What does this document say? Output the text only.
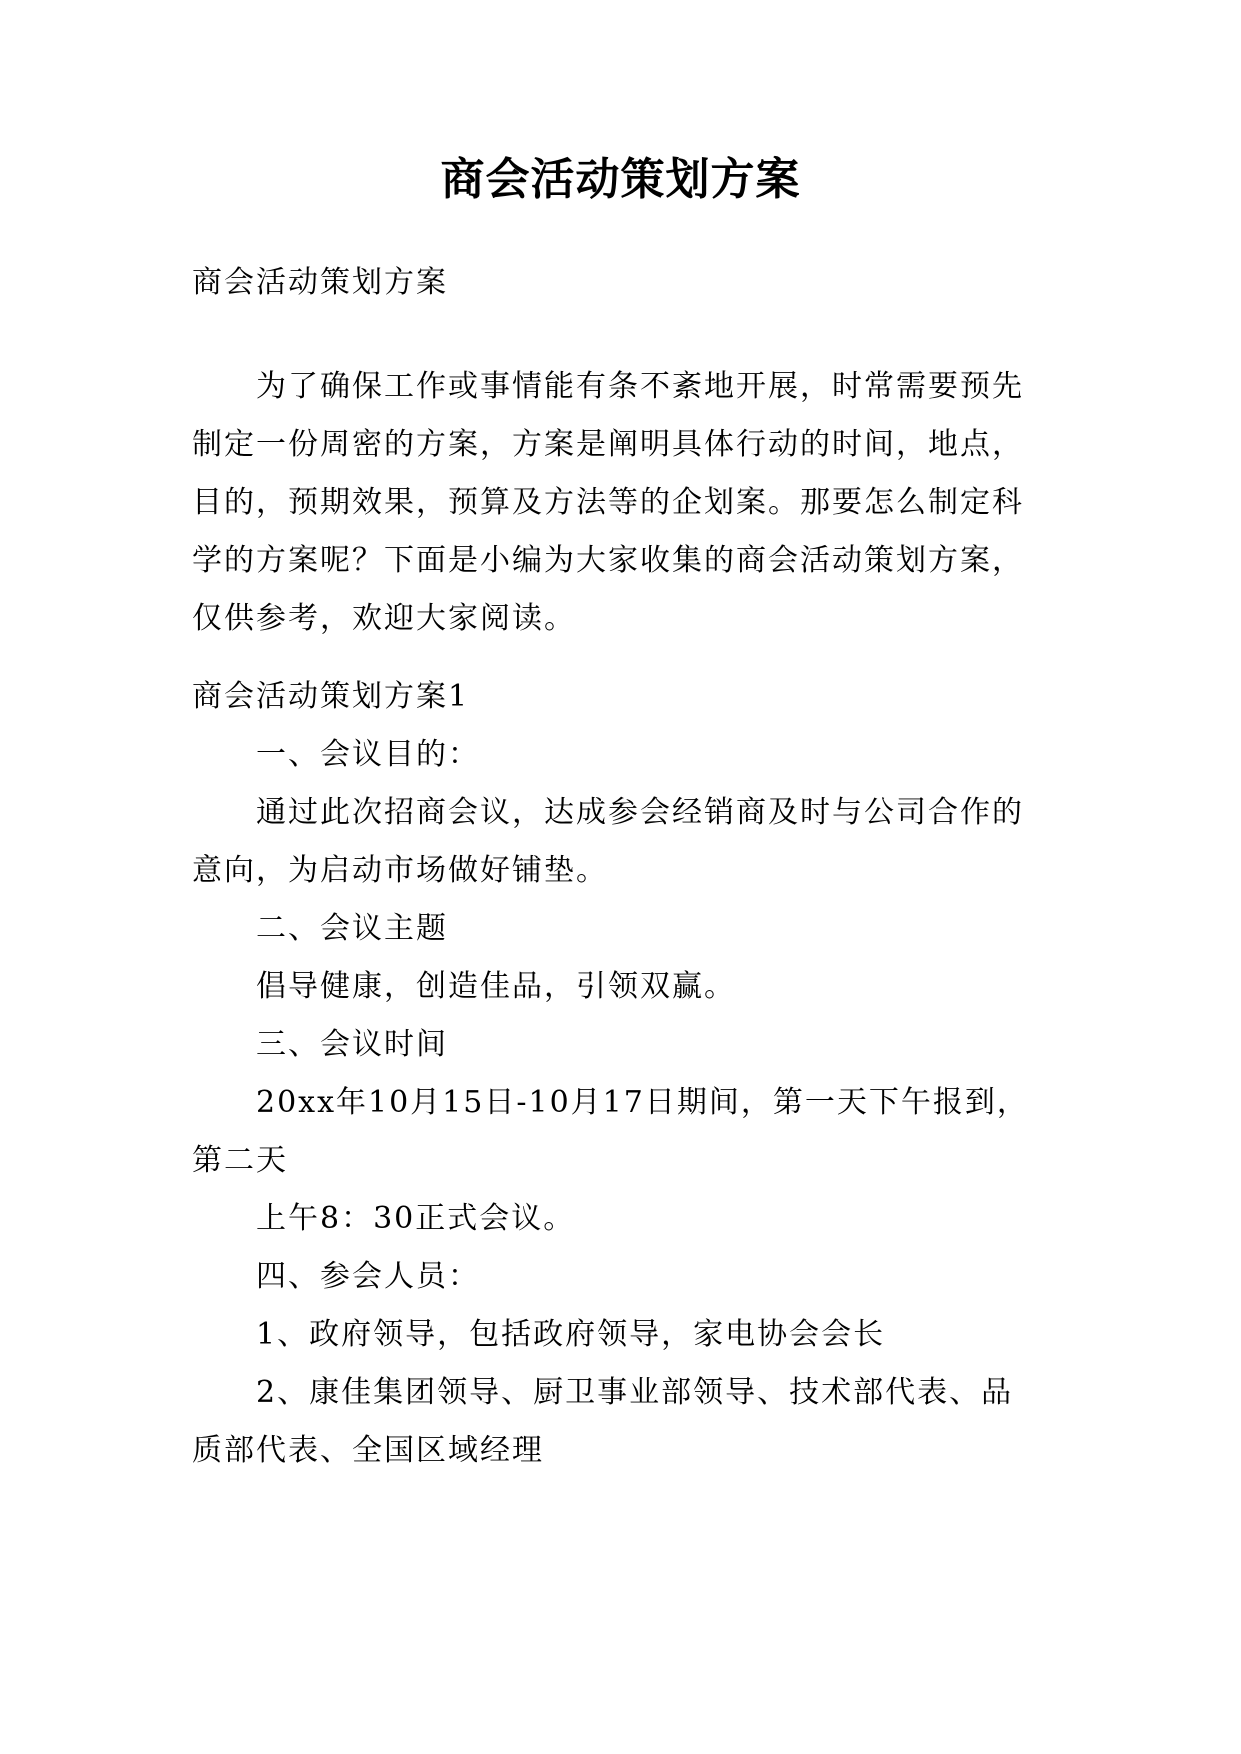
商会活动策划方案
商会活动策划方案
为了确保工作或事情能有条不紊地开展，时常需要预先
制定一份周密的方案，方案是阐明具体行动的时间，地点，
目的，预期效果，预算及方法等的企划案。那要怎么制定科
学的方案呢？下面是小编为大家收集的商会活动策划方案，
仅供参考，欢迎大家阅读。
商会活动策划方案1
一、会议目的：
通过此次招商会议，达成参会经销商及时与公司合作的
意向，为启动市场做好铺垫。
二、会议主题
倡导健康，创造佳品，引领双赢。
三、会议时间
20xx年10月15日-10月17日期间，第一天下午报到，
第二天
上午8：30正式会议。
四、参会人员：
1、政府领导，包括政府领导，家电协会会长
2、康佳集团领导、厨卫事业部领导、技术部代表、品
质部代表、全国区域经理
